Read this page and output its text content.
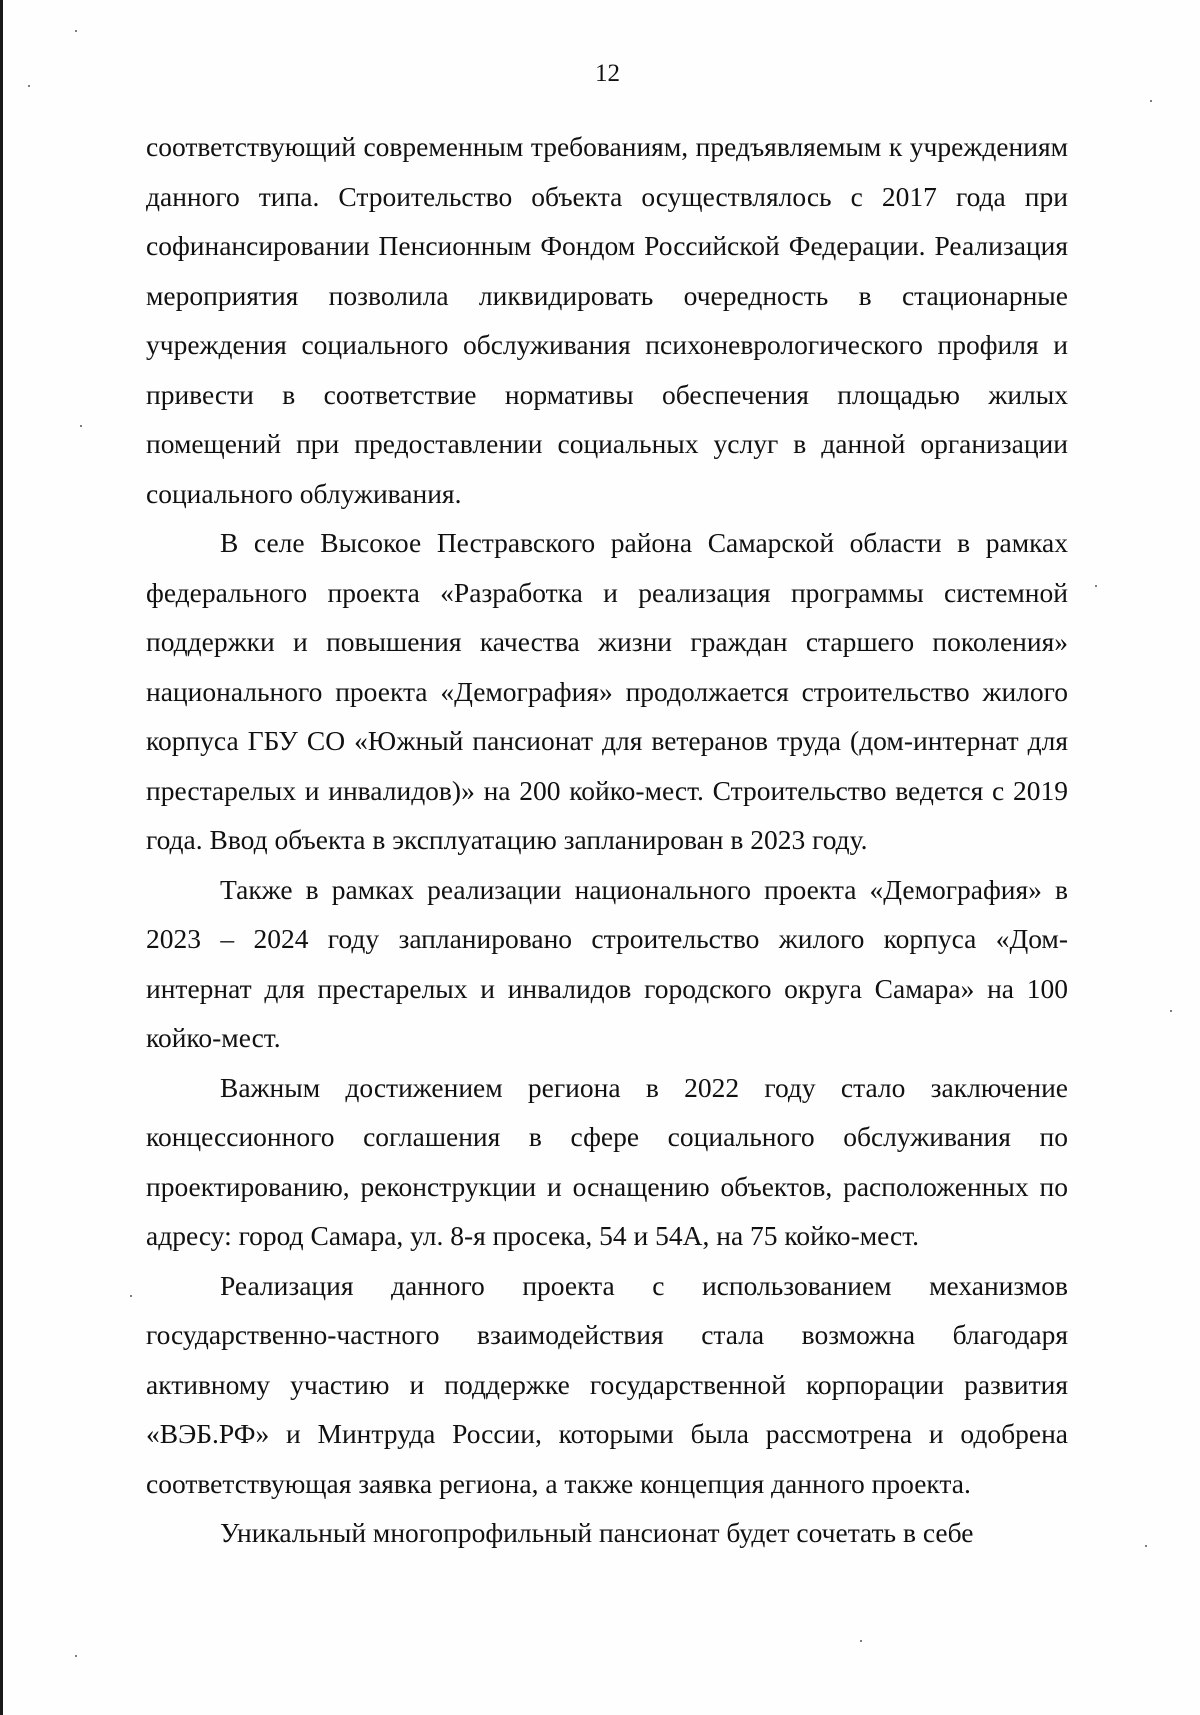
12

соответствующий современным требованиям, предъявляемым к учреждениям данного типа. Строительство объекта осуществлялось с 2017 года при софинансировании Пенсионным Фондом Российской Федерации. Реализация мероприятия позволила ликвидировать очередность в стационарные учреждения социального обслуживания психоневрологического профиля и привести в соответствие нормативы обеспечения площадью жилых помещений при предоставлении социальных услуг в данной организации социального облуживания.

В селе Высокое Пестравского района Самарской области в рамках федерального проекта «Разработка и реализация программы системной поддержки и повышения качества жизни граждан старшего поколения» национального проекта «Демография» продолжается строительство жилого корпуса ГБУ СО «Южный пансионат для ветеранов труда (дом-интернат для престарелых и инвалидов)» на 200 койко-мест. Строительство ведется с 2019 года. Ввод объекта в эксплуатацию запланирован в 2023 году.

Также в рамках реализации национального проекта «Демография» в 2023 – 2024 году запланировано строительство жилого корпуса «Дом-интернат для престарелых и инвалидов городского округа Самара» на 100 койко-мест.

Важным достижением региона в 2022 году стало заключение концессионного соглашения в сфере социального обслуживания по проектированию, реконструкции и оснащению объектов, расположенных по адресу: город Самара, ул. 8-я просека, 54 и 54А, на 75 койко-мест.

Реализация данного проекта с использованием механизмов государственно-частного взаимодействия стала возможна благодаря активному участию и поддержке государственной корпорации развития «ВЭБ.РФ» и Минтруда России, которыми была рассмотрена и одобрена соответствующая заявка региона, а также концепция данного проекта.

Уникальный многопрофильный пансионат будет сочетать в себе
